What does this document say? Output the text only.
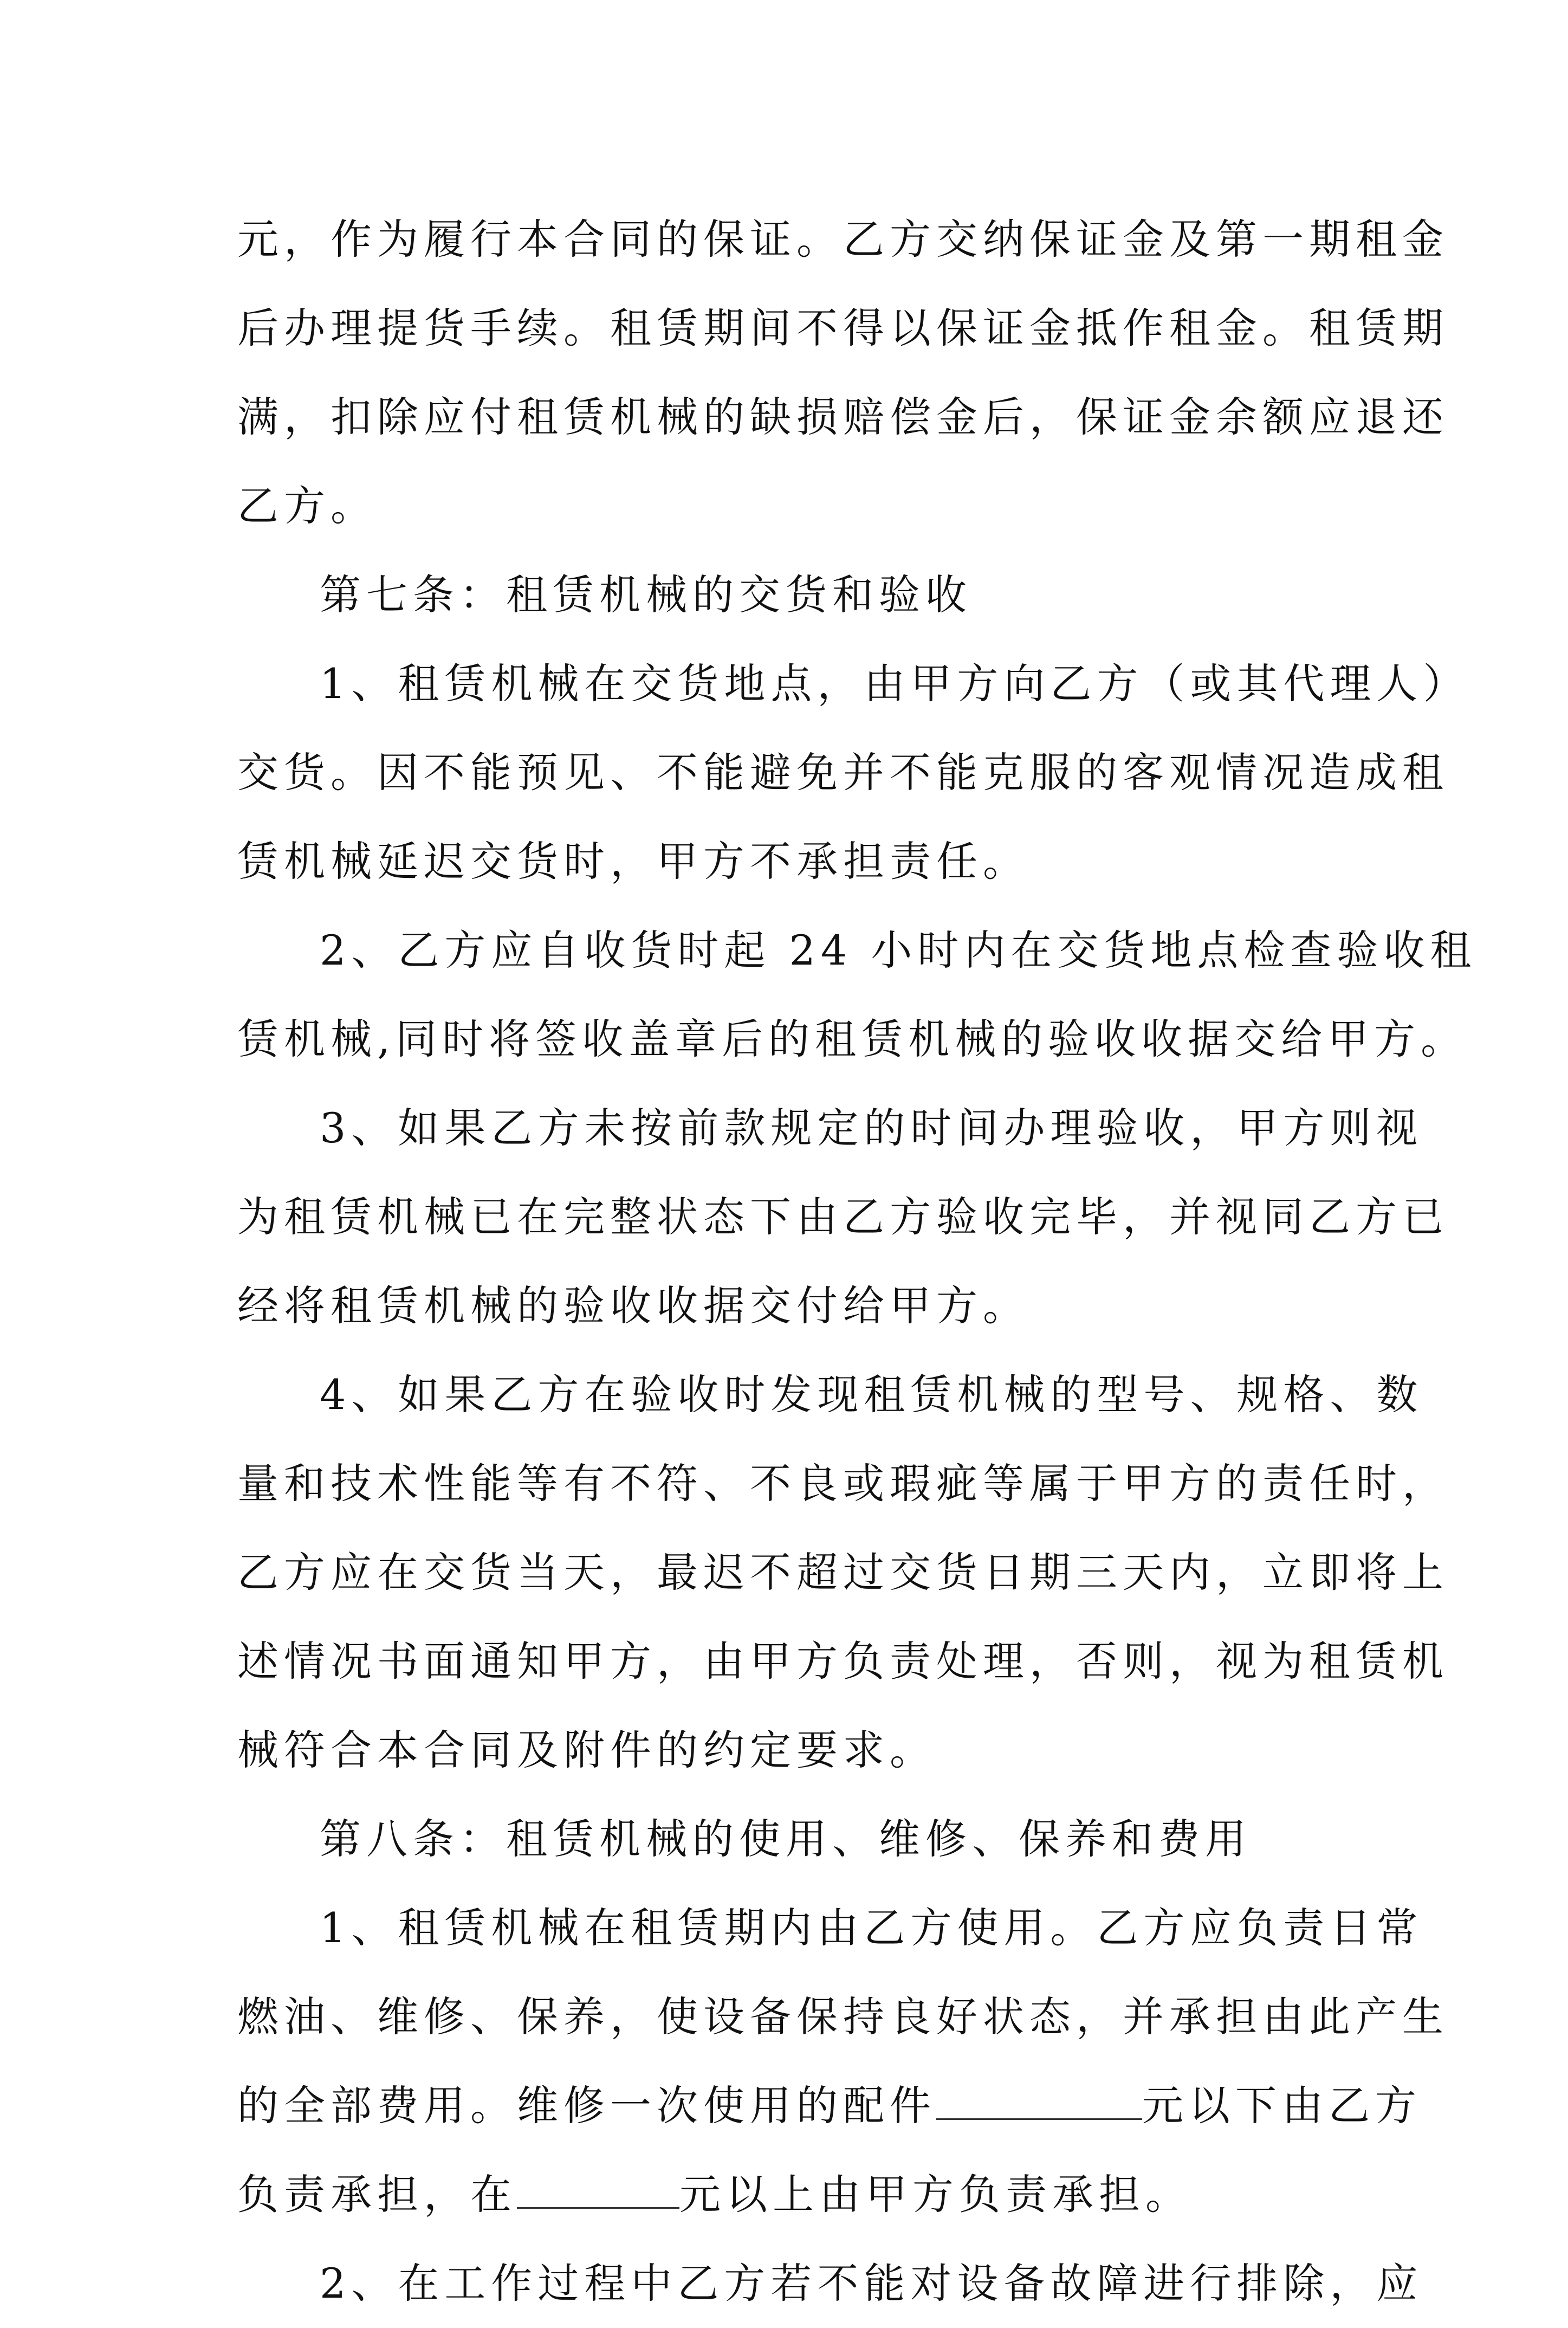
元，作为履行本合同的保证。乙方交纳保证金及第一期租金
后办理提货手续。租赁期间不得以保证金抵作租金。租赁期
满，扣除应付租赁机械的缺损赔偿金后，保证金余额应退还
乙方。
第七条：租赁机械的交货和验收
1、租赁机械在交货地点，由甲方向乙方（或其代理人）
交货。因不能预见、不能避免并不能克服的客观情况造成租
赁机械延迟交货时，甲方不承担责任。
2、乙方应自收货时起 24 小时内在交货地点检查验收租
赁机械,同时将签收盖章后的租赁机械的验收收据交给甲方。
3、如果乙方未按前款规定的时间办理验收，甲方则视
为租赁机械已在完整状态下由乙方验收完毕，并视同乙方已
经将租赁机械的验收收据交付给甲方。
4、如果乙方在验收时发现租赁机械的型号、规格、数
量和技术性能等有不符、不良或瑕疵等属于甲方的责任时，
乙方应在交货当天，最迟不超过交货日期三天内，立即将上
述情况书面通知甲方，由甲方负责处理，否则，视为租赁机
械符合本合同及附件的约定要求。
第八条：租赁机械的使用、维修、保养和费用
1、租赁机械在租赁期内由乙方使用。乙方应负责日常
燃油、维修、保养，使设备保持良好状态，并承担由此产生
的全部费用。维修一次使用的配件	元以下由乙方
负责承担，在	元以上由甲方负责承担。
2、在工作过程中乙方若不能对设备故障进行排除，应
